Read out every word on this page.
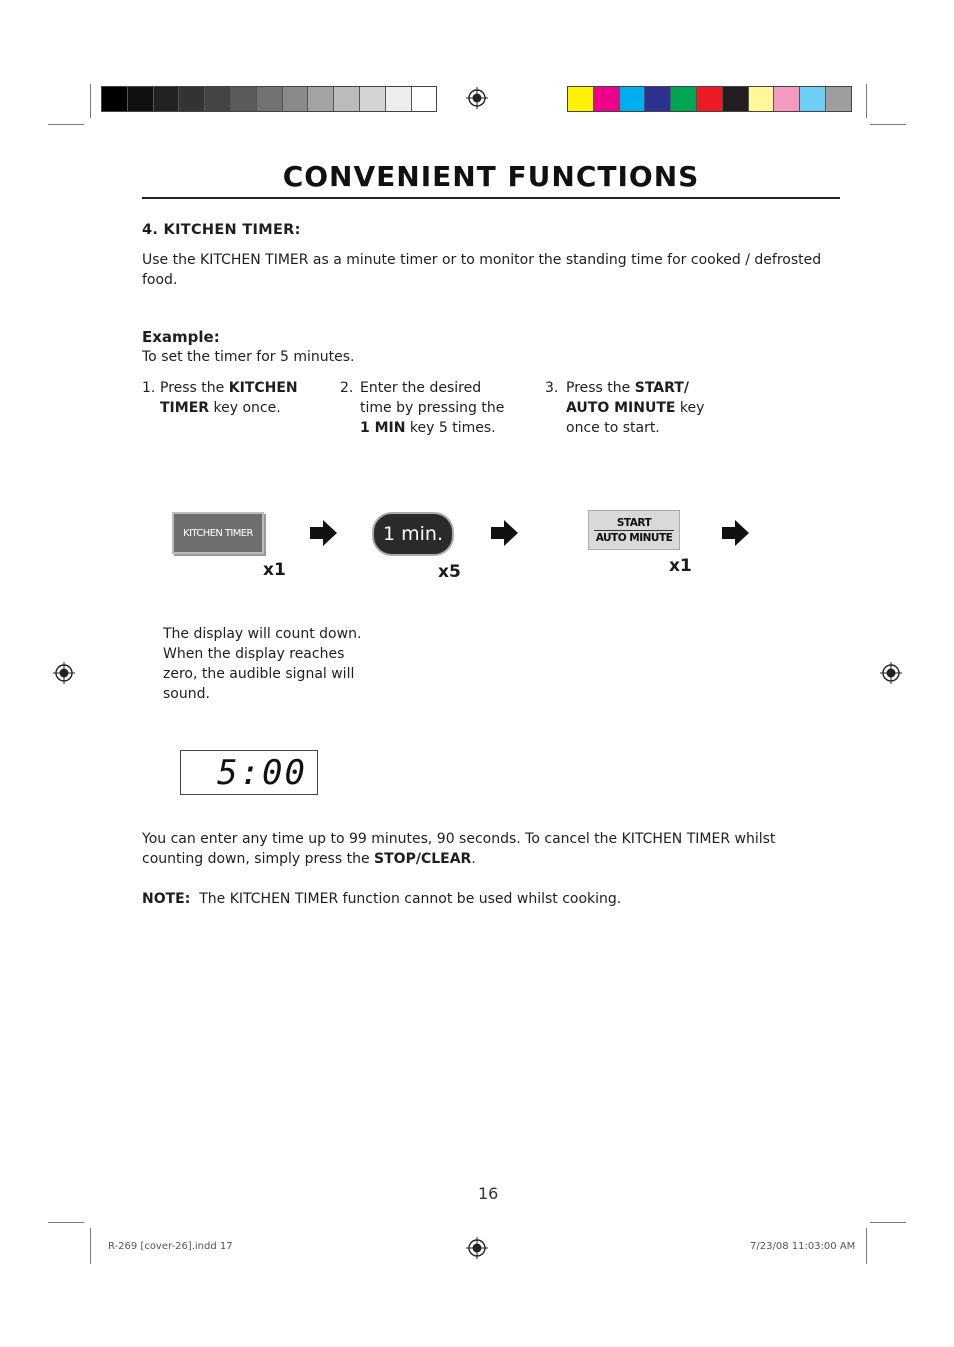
CONVENIENT FUNCTIONS
4. KITCHEN TIMER:
Use the KITCHEN TIMER as a minute timer or to monitor the standing time for cooked / defrosted food.
Example:
To set the timer for 5 minutes.
1. Press the KITCHEN TIMER key once.
2. Enter the desired time by pressing the 1 MIN key 5 times.
3. Press the START/ AUTO MINUTE key once to start.
KITCHEN TIMER	1 min.
START
AUTO MINUTE
x1	x5	x1
The display will count down. When the display reaches zero, the audible signal will sound.
5:00
You can enter any time up to 99 minutes, 90 seconds. To cancel the KITCHEN TIMER whilst counting down, simply press the STOP/CLEAR.
NOTE: The KITCHEN TIMER function cannot be used whilst cooking.
16
R-269 [cover-26].indd 17	7/23/08 11:03:00 AM
